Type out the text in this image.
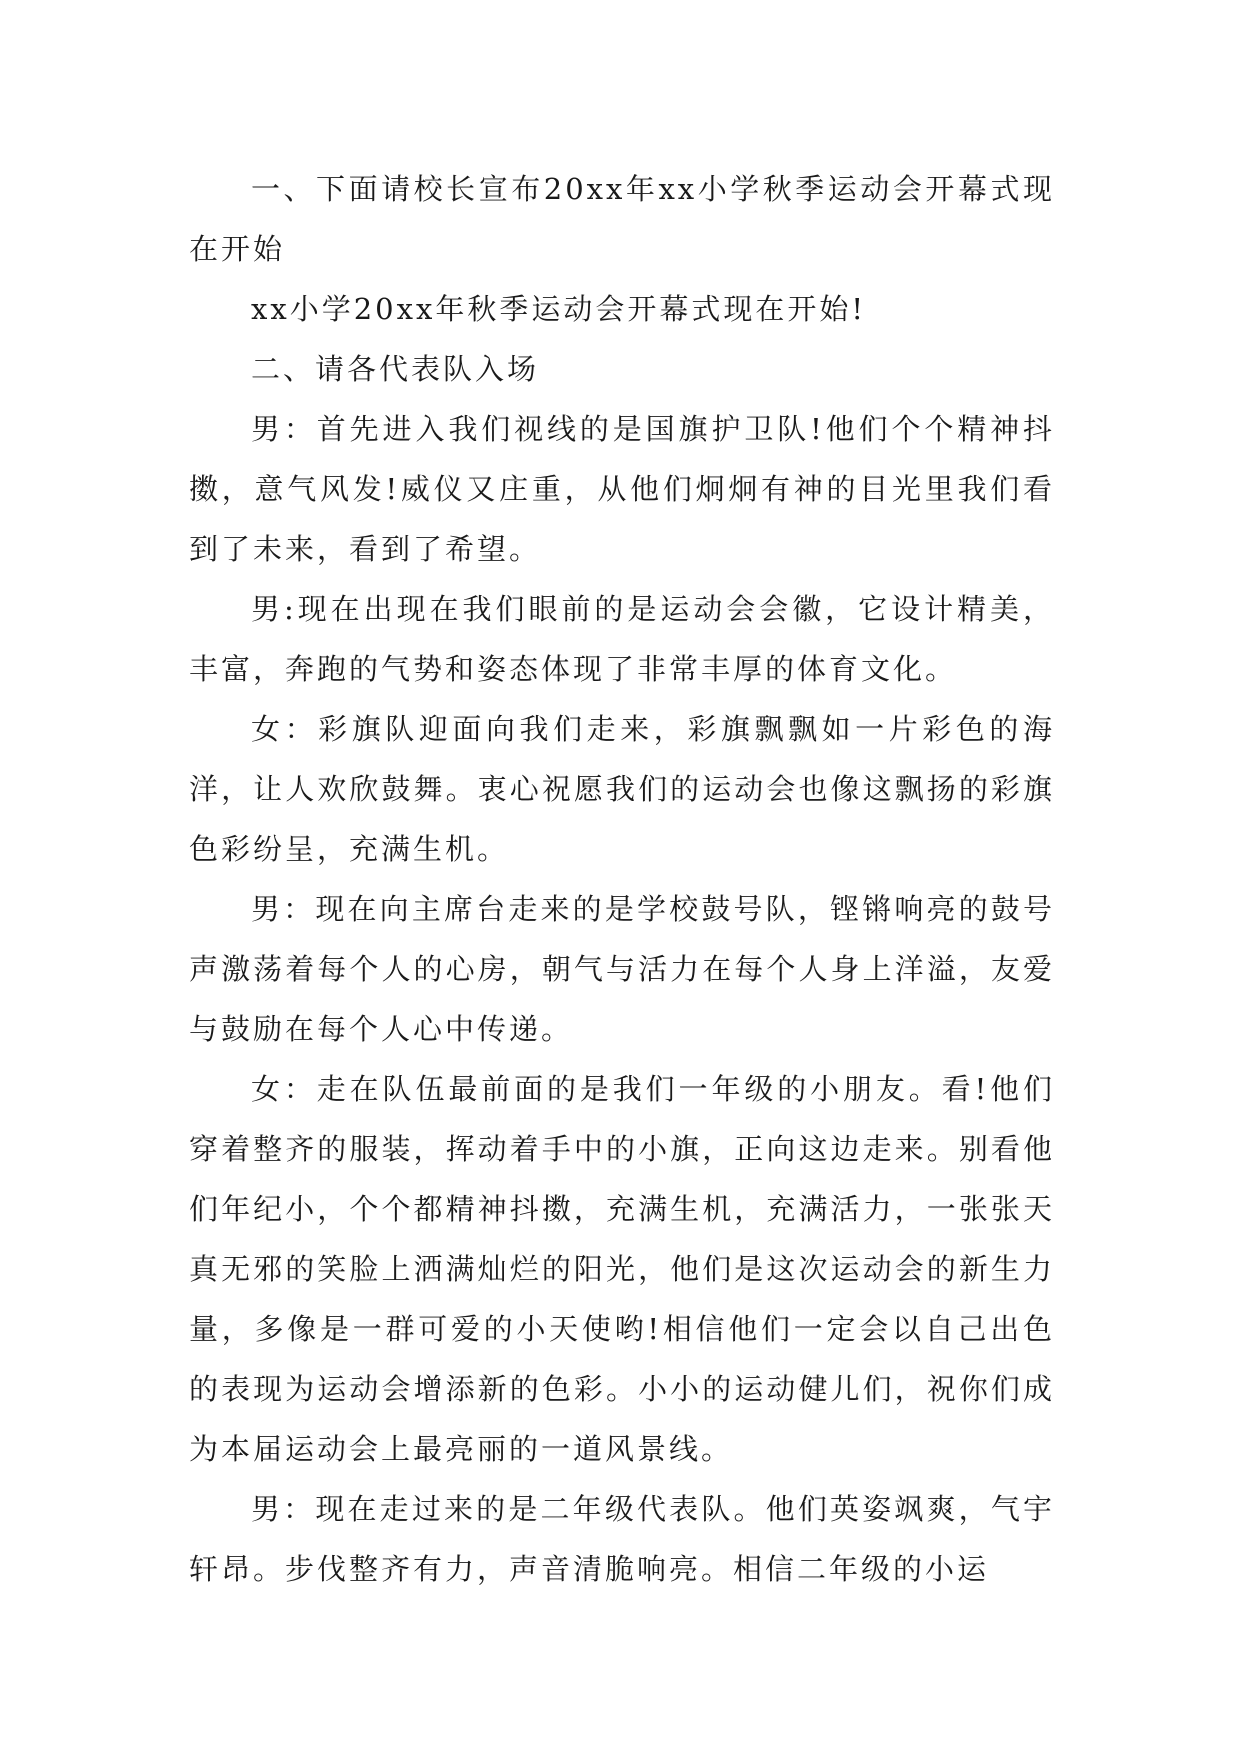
一、下面请校长宣布20xx年xx小学秋季运动会开幕式现在开始

xx小学20xx年秋季运动会开幕式现在开始!

二、请各代表队入场

男：首先进入我们视线的是国旗护卫队!他们个个精神抖擞，意气风发!威仪又庄重，从他们炯炯有神的目光里我们看到了未来，看到了希望。

男:现在出现在我们眼前的是运动会会徽，它设计精美，丰富，奔跑的气势和姿态体现了非常丰厚的体育文化。

女：彩旗队迎面向我们走来，彩旗飘飘如一片彩色的海洋，让人欢欣鼓舞。衷心祝愿我们的运动会也像这飘扬的彩旗色彩纷呈，充满生机。

男：现在向主席台走来的是学校鼓号队，铿锵响亮的鼓号声激荡着每个人的心房，朝气与活力在每个人身上洋溢，友爱与鼓励在每个人心中传递。

女：走在队伍最前面的是我们一年级的小朋友。看!他们穿着整齐的服装，挥动着手中的小旗，正向这边走来。别看他们年纪小，个个都精神抖擞，充满生机，充满活力，一张张天真无邪的笑脸上洒满灿烂的阳光，他们是这次运动会的新生力量，多像是一群可爱的小天使哟!相信他们一定会以自己出色的表现为运动会增添新的色彩。小小的运动健儿们，祝你们成为本届运动会上最亮丽的一道风景线。

男：现在走过来的是二年级代表队。他们英姿飒爽，气宇轩昂。步伐整齐有力，声音清脆响亮。相信二年级的小运
